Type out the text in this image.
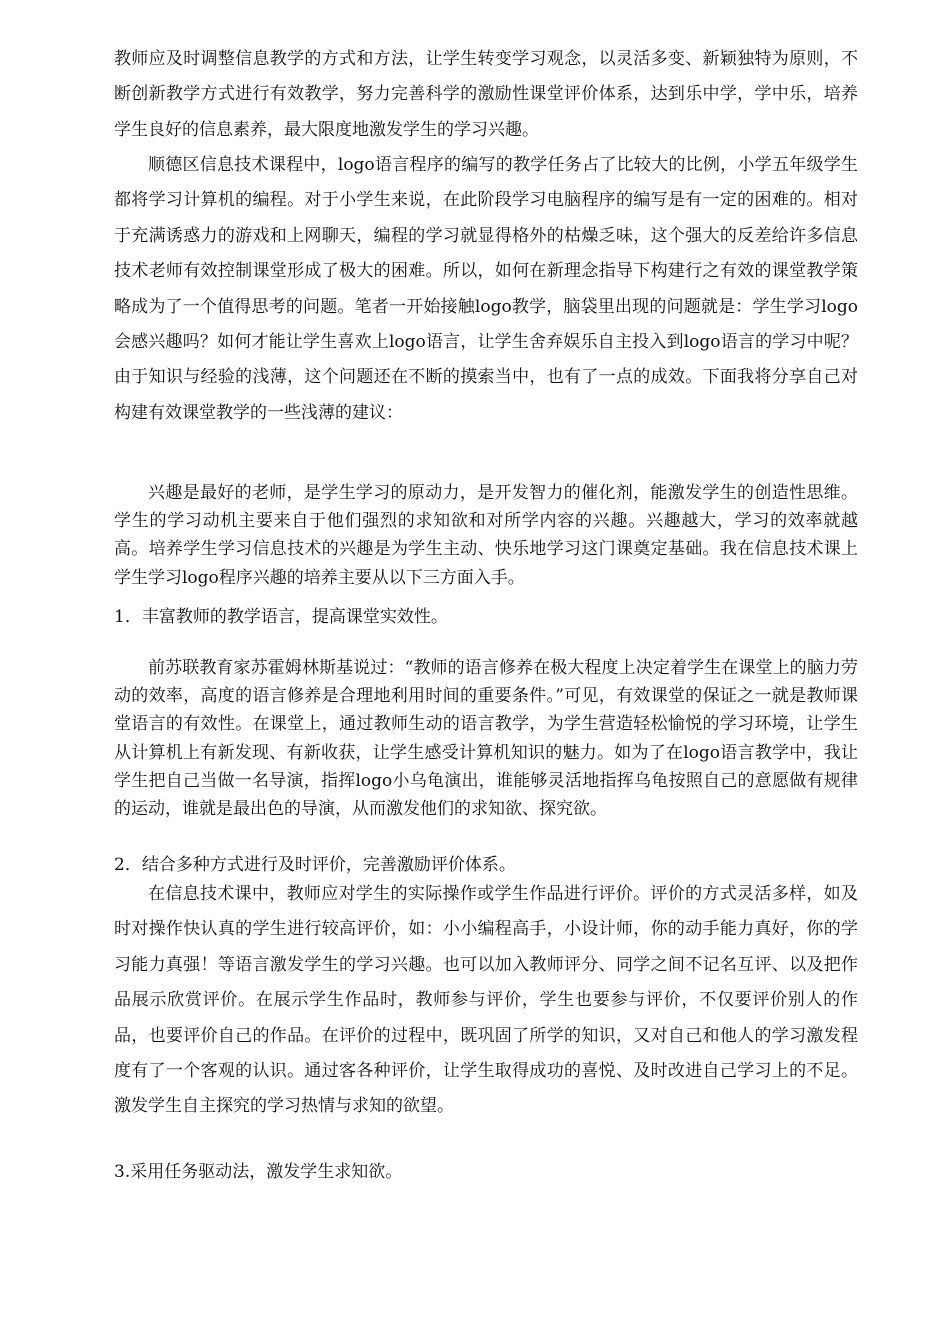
教师应及时调整信息教学的方式和方法，让学生转变学习观念，以灵活多变、新颖独特为原则，不断创新教学方式进行有效教学，努力完善科学的激励性课堂评价体系，达到乐中学，学中乐，培养学生良好的信息素养，最大限度地激发学生的学习兴趣。

顺德区信息技术课程中，logo语言程序的编写的教学任务占了比较大的比例，小学五年级学生都将学习计算机的编程。对于小学生来说，在此阶段学习电脑程序的编写是有一定的困难的。相对于充满诱惑力的游戏和上网聊天，编程的学习就显得格外的枯燥乏味，这个强大的反差给许多信息技术老师有效控制课堂形成了极大的困难。所以，如何在新理念指导下构建行之有效的课堂教学策略成为了一个值得思考的问题。笔者一开始接触logo教学，脑袋里出现的问题就是：学生学习logo会感兴趣吗？如何才能让学生喜欢上logo语言，让学生舍弃娱乐自主投入到logo语言的学习中呢？由于知识与经验的浅薄，这个问题还在不断的摸索当中，也有了一点的成效。下面我将分享自己对构建有效课堂教学的一些浅薄的建议：

兴趣是最好的老师，是学生学习的原动力，是开发智力的催化剂，能激发学生的创造性思维。学生的学习动机主要来自于他们强烈的求知欲和对所学内容的兴趣。兴趣越大，学习的效率就越高。培养学生学习信息技术的兴趣是为学生主动、快乐地学习这门课奠定基础。我在信息技术课上学生学习logo程序兴趣的培养主要从以下三方面入手。

1．丰富教师的教学语言，提高课堂实效性。

前苏联教育家苏霍姆林斯基说过：“教师的语言修养在极大程度上决定着学生在课堂上的脑力劳动的效率，高度的语言修养是合理地利用时间的重要条件。”可见，有效课堂的保证之一就是教师课堂语言的有效性。在课堂上，通过教师生动的语言教学，为学生营造轻松愉悦的学习环境，让学生从计算机上有新发现、有新收获，让学生感受计算机知识的魅力。如为了在logo语言教学中，我让学生把自己当做一名导演，指挥logo小乌龟演出，谁能够灵活地指挥乌龟按照自己的意愿做有规律的运动，谁就是最出色的导演，从而激发他们的求知欲、探究欲。

2．结合多种方式进行及时评价，完善激励评价体系。

在信息技术课中，教师应对学生的实际操作或学生作品进行评价。评价的方式灵活多样，如及时对操作快认真的学生进行较高评价，如：小小编程高手，小设计师，你的动手能力真好，你的学习能力真强！等语言激发学生的学习兴趣。也可以加入教师评分、同学之间不记名互评、以及把作品展示欣赏评价。在展示学生作品时，教师参与评价，学生也要参与评价，不仅要评价别人的作品，也要评价自己的作品。在评价的过程中，既巩固了所学的知识，又对自己和他人的学习激发程度有了一个客观的认识。通过客各种评价，让学生取得成功的喜悦、及时改进自己学习上的不足。激发学生自主探究的学习热情与求知的欲望。

3.采用任务驱动法，激发学生求知欲。
